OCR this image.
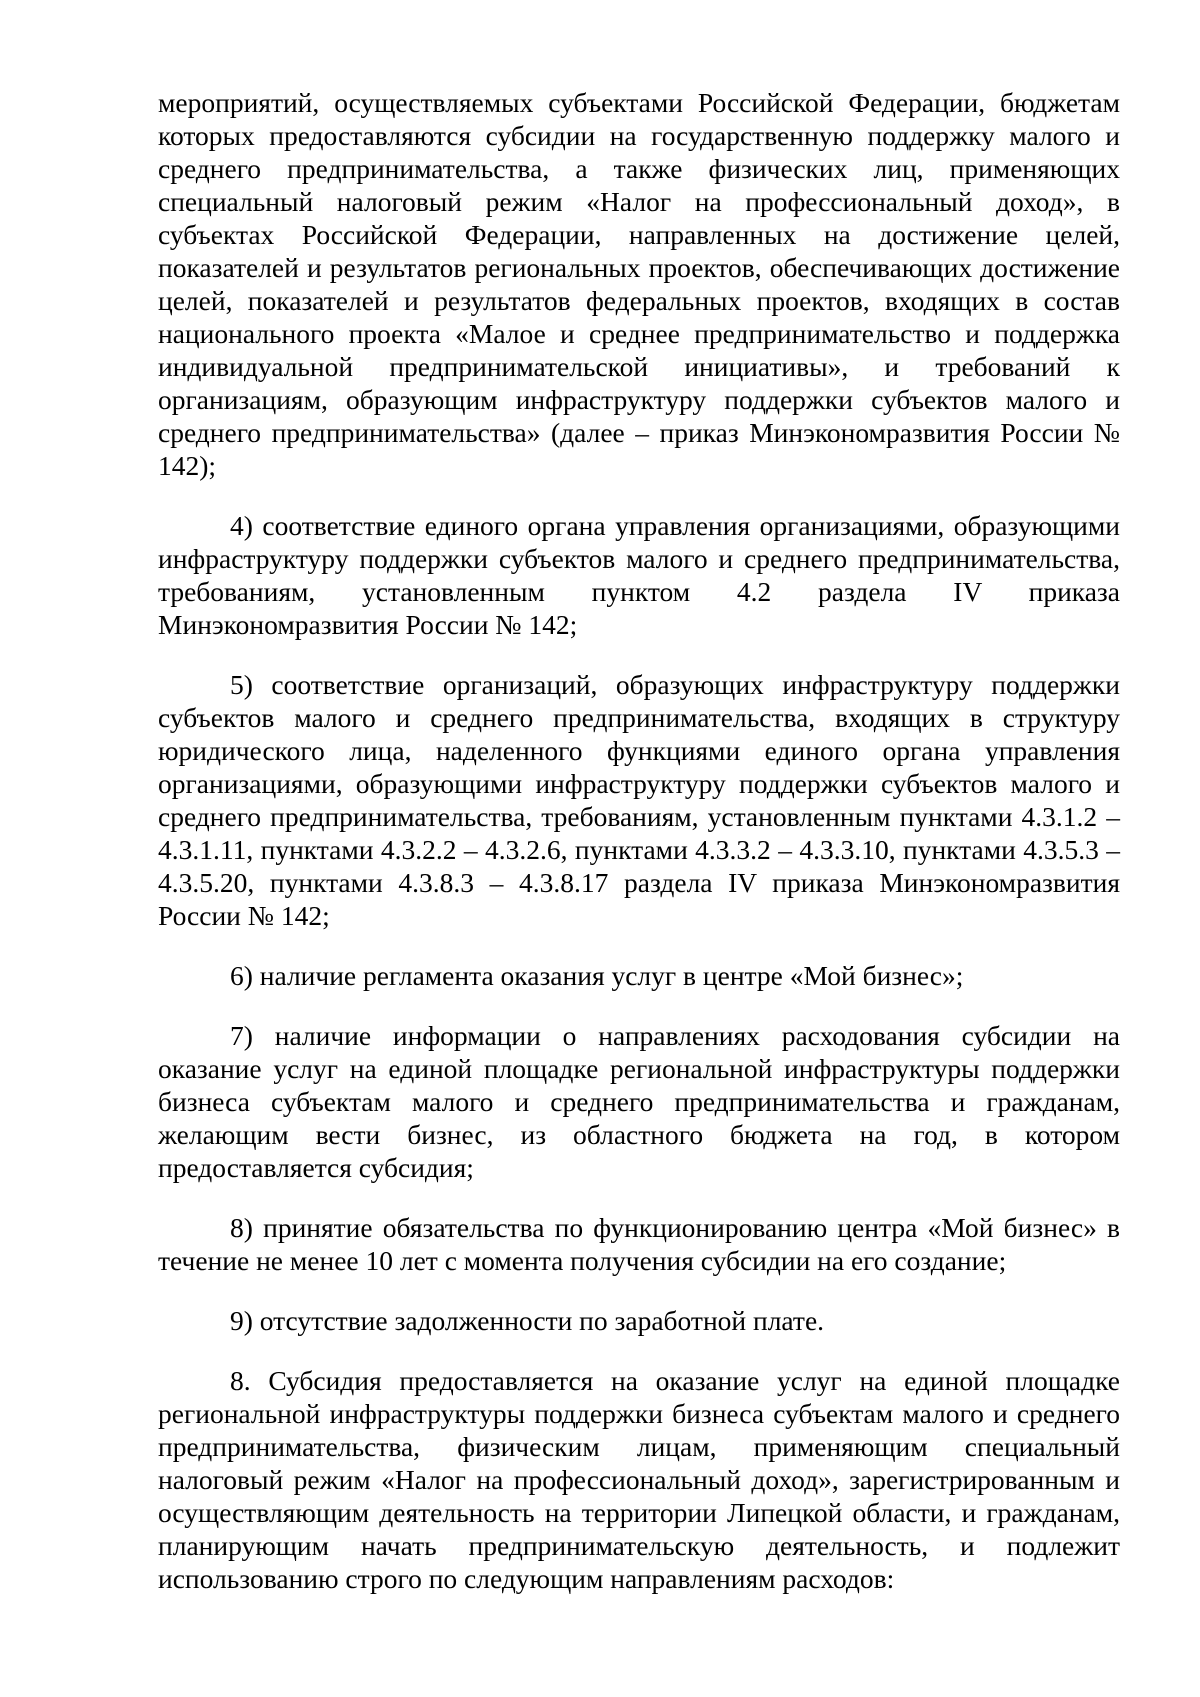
мероприятий, осуществляемых субъектами Российской Федерации, бюджетам которых предоставляются субсидии на государственную поддержку малого и среднего предпринимательства, а также физических лиц, применяющих специальный налоговый режим «Налог на профессиональный доход», в субъектах Российской Федерации, направленных на достижение целей, показателей и результатов региональных проектов, обеспечивающих достижение целей, показателей и результатов федеральных проектов, входящих в состав национального проекта «Малое и среднее предпринимательство и поддержка индивидуальной предпринимательской инициативы», и требований к организациям, образующим инфраструктуру поддержки субъектов малого и среднего предпринимательства» (далее – приказ Минэкономразвития России № 142);

4) соответствие единого органа управления организациями, образующими инфраструктуру поддержки субъектов малого и среднего предпринимательства, требованиям, установленным пунктом 4.2 раздела IV приказа Минэкономразвития России № 142;

5) соответствие организаций, образующих инфраструктуру поддержки субъектов малого и среднего предпринимательства, входящих в структуру юридического лица, наделенного функциями единого органа управления организациями, образующими инфраструктуру поддержки субъектов малого и среднего предпринимательства, требованиям, установленным пунктами 4.3.1.2 – 4.3.1.11, пунктами 4.3.2.2 – 4.3.2.6, пунктами 4.3.3.2 – 4.3.3.10, пунктами 4.3.5.3 – 4.3.5.20, пунктами 4.3.8.3 – 4.3.8.17 раздела IV приказа Минэкономразвития России № 142;

6) наличие регламента оказания услуг в центре «Мой бизнес»;

7) наличие информации о направлениях расходования субсидии на оказание услуг на единой площадке региональной инфраструктуры поддержки бизнеса субъектам малого и среднего предпринимательства и гражданам, желающим вести бизнес, из областного бюджета на год, в котором предоставляется субсидия;

8) принятие обязательства по функционированию центра «Мой бизнес» в течение не менее 10 лет с момента получения субсидии на его создание;

9) отсутствие задолженности по заработной плате.

8. Субсидия предоставляется на оказание услуг на единой площадке региональной инфраструктуры поддержки бизнеса субъектам малого и среднего предпринимательства, физическим лицам, применяющим специальный налоговый режим «Налог на профессиональный доход», зарегистрированным и осуществляющим деятельность на территории Липецкой области, и гражданам, планирующим начать предпринимательскую деятельность, и подлежит использованию строго по следующим направлениям расходов:
